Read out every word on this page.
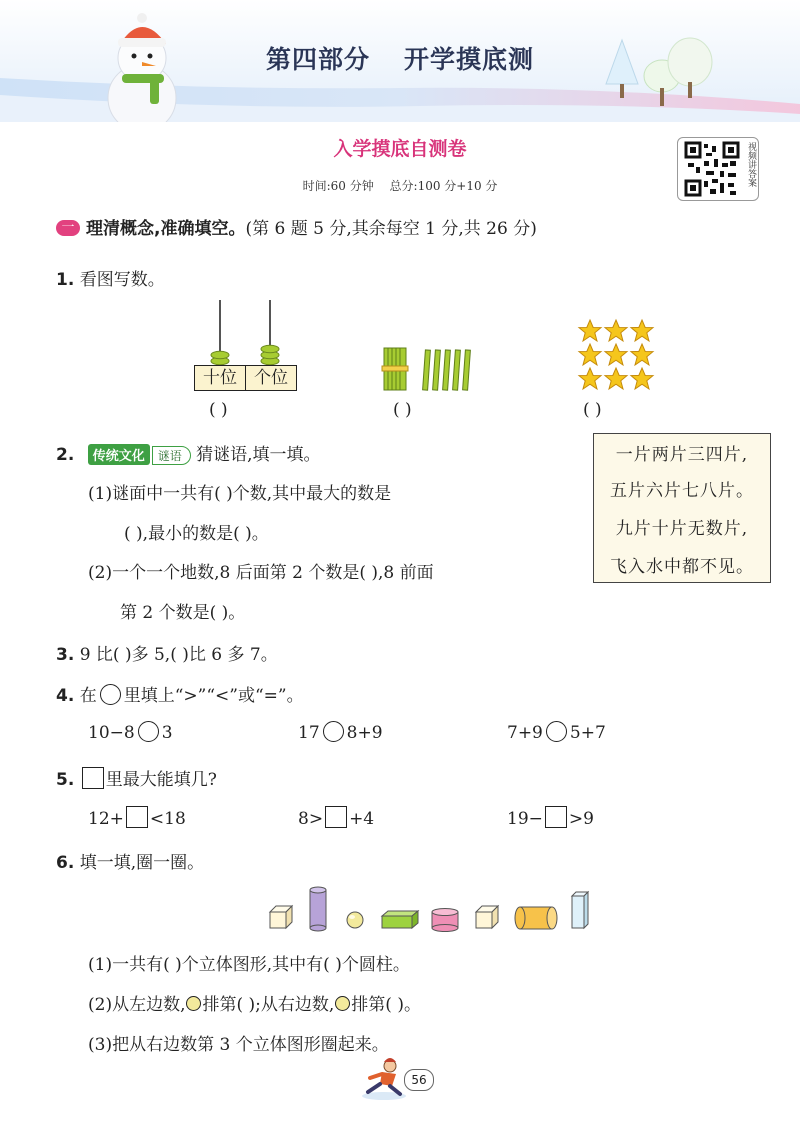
第四部分 开学摸底测
入学摸底自测卷
时间:60 分钟 总分:100 分+10 分	视频讲答案
一 理清概念,准确填空。(第 6 题 5 分,其余每空 1 分,共 26 分)
1. 看图写数。
十位	个位
( )	( )	( )
2. 传统文化 谜语 猜谜语,填一填。
(1)谜面中一共有( )个数,其中最大的数是
( ),最小的数是( )。
(2)一个一个地数,8 后面第 2 个数是( ),8 前面
第 2 个数是( )。
一片两片三四片,
五片六片七八片。
九片十片无数片,
飞入水中都不见。
3. 9 比( )多 5,( )比 6 多 7。
4. 在 里填上“>”“<”或“=”。
10−8 3	17 8+9	7+9 5+7
5. 里最大能填几?
12+ <18	8> +4	19− >9
6. 填一填,圈一圈。
(1)一共有( )个立体图形,其中有( )个圆柱。
(2)从左边数, 排第( );从右边数, 排第( )。
(3)把从右边数第 3 个立体图形圈起来。
56
